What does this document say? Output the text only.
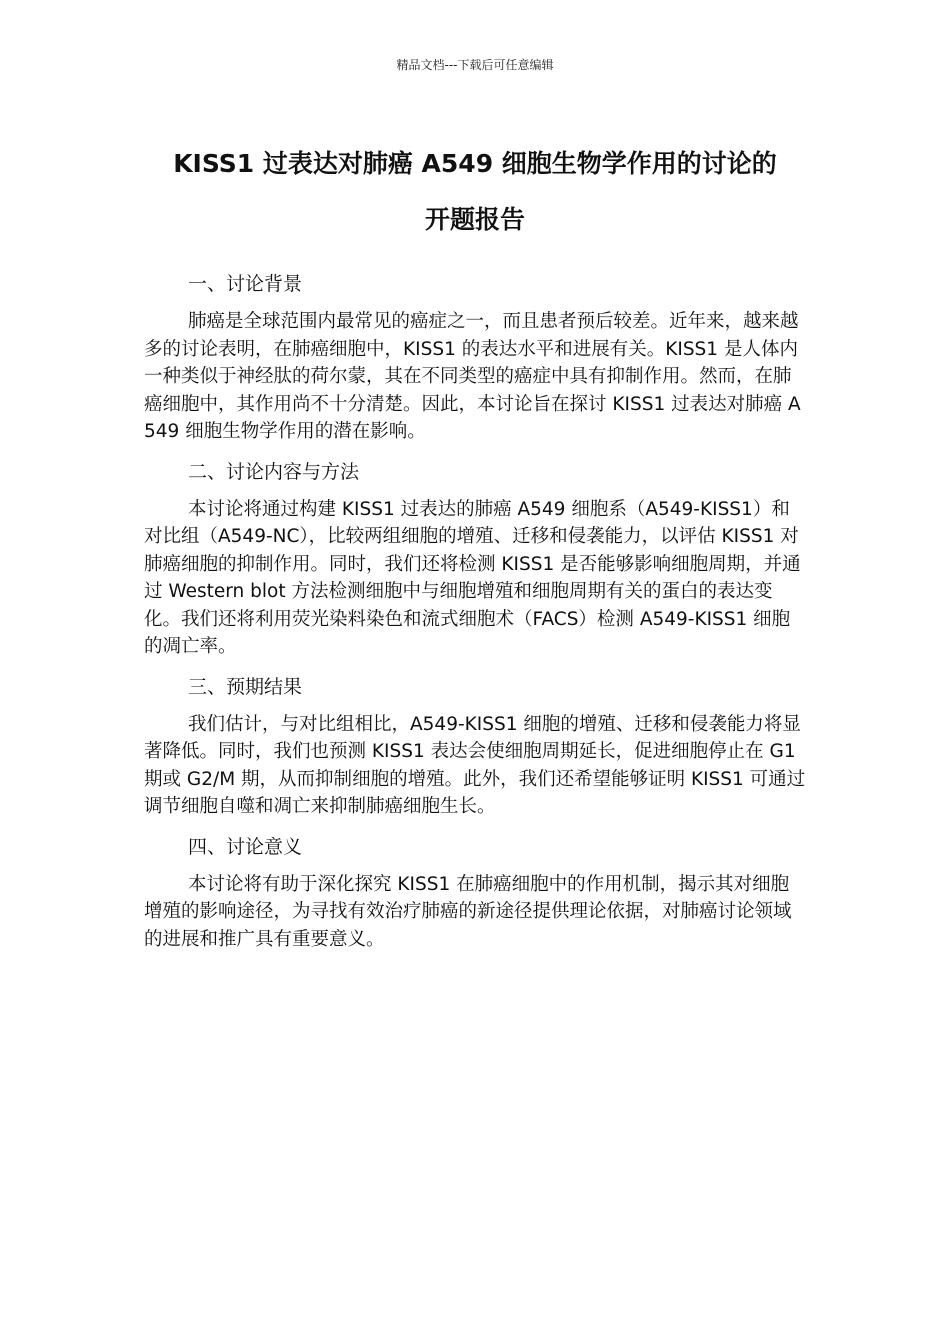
精品文档---下载后可任意编辑
KISS1 过表达对肺癌 A549 细胞生物学作用的讨论的
开题报告

一、讨论背景

肺癌是全球范围内最常见的癌症之一，而且患者预后较差。近年来，越来越多的讨论表明，在肺癌细胞中，KISS1 的表达水平和进展有关。KISS1 是人体内一种类似于神经肽的荷尔蒙，其在不同类型的癌症中具有抑制作用。然而，在肺癌细胞中，其作用尚不十分清楚。因此，本讨论旨在探讨 KISS1 过表达对肺癌 A549 细胞生物学作用的潜在影响。

二、讨论内容与方法

本讨论将通过构建 KISS1 过表达的肺癌 A549 细胞系（A549-KISS1）和对比组（A549-NC），比较两组细胞的增殖、迁移和侵袭能力，以评估 KISS1 对肺癌细胞的抑制作用。同时，我们还将检测 KISS1 是否能够影响细胞周期，并通过 Western blot 方法检测细胞中与细胞增殖和细胞周期有关的蛋白的表达变化。我们还将利用荧光染料染色和流式细胞术（FACS）检测 A549-KISS1 细胞的凋亡率。

三、预期结果

我们估计，与对比组相比，A549-KISS1 细胞的增殖、迁移和侵袭能力将显著降低。同时，我们也预测 KISS1 表达会使细胞周期延长，促进细胞停止在 G1 期或 G2/M 期，从而抑制细胞的增殖。此外，我们还希望能够证明 KISS1 可通过调节细胞自噬和凋亡来抑制肺癌细胞生长。

四、讨论意义

本讨论将有助于深化探究 KISS1 在肺癌细胞中的作用机制，揭示其对细胞增殖的影响途径，为寻找有效治疗肺癌的新途径提供理论依据，对肺癌讨论领域的进展和推广具有重要意义。
